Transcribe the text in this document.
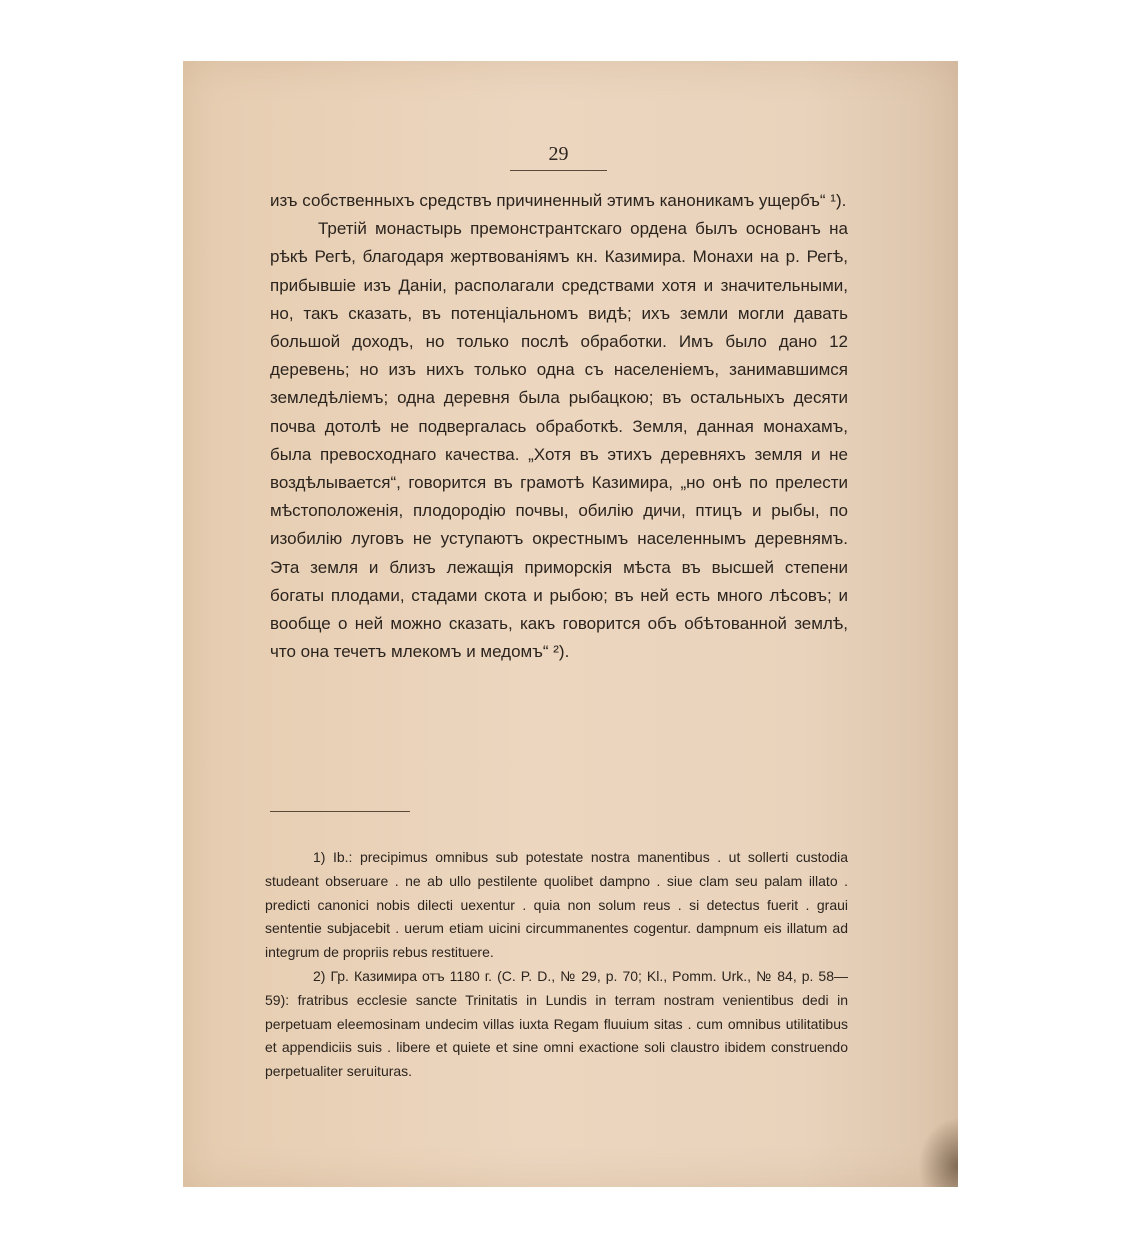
29

изъ собственныхъ средствъ причиненный этимъ каноникамъ ущербъ“ ¹).

Третій монастырь премонстрантскаго ордена былъ основанъ на рѣкѣ Регѣ, благодаря жертвованіямъ кн. Казимира. Монахи на р. Регѣ, прибывшіе изъ Даніи, располагали средствами хотя и значительными, но, такъ сказать, въ потенціальномъ видѣ; ихъ земли могли давать большой доходъ, но только послѣ обработки. Имъ было дано 12 деревень; но изъ нихъ только одна съ населеніемъ, занимавшимся земледѣліемъ; одна деревня была рыбацкою; въ остальныхъ десяти почва дотолѣ не подвергалась обработкѣ. Земля, данная монахамъ, была превосходнаго качества. „Хотя въ этихъ деревняхъ земля и не воздѣлывается“, говорится въ грамотѣ Казимира, „но онѣ по прелести мѣстоположенія, плодородію почвы, обилію дичи, птицъ и рыбы, по изобилію луговъ не уступаютъ окрестнымъ населеннымъ деревнямъ. Эта земля и близъ лежащія приморскія мѣста въ высшей степени богаты плодами, стадами скота и рыбою; въ ней есть много лѣсовъ; и вообще о ней можно сказать, какъ говорится объ обѣтованной землѣ, что она течетъ млекомъ и медомъ“ ²).

1) Ib.: precipimus omnibus sub potestate nostra manentibus . ut sollerti custodia studeant obseruare . ne ab ullo pestilente quolibet dampno . siue clam seu palam illato . predicti canonici nobis dilecti uexentur . quia non solum reus . si detectus fuerit . graui sententie subjacebit . uerum etiam uicini circummanentes cogentur. dampnum eis illatum ad integrum de propriis rebus restituere.

2) Гр. Казимира отъ 1180 г. (С. P. D., № 29, p. 70; Kl., Pomm. Urk., № 84, p. 58—59): fratribus ecclesie sancte Trinitatis in Lundis in terram nostram venientibus dedi in perpetuam eleemosinam undecim villas iuxta Regam fluuium sitas . cum omnibus utilitatibus et appendiciis suis . libere et quiete et sine omni exactione soli claustro ibidem construendo perpetualiter seruituras.
